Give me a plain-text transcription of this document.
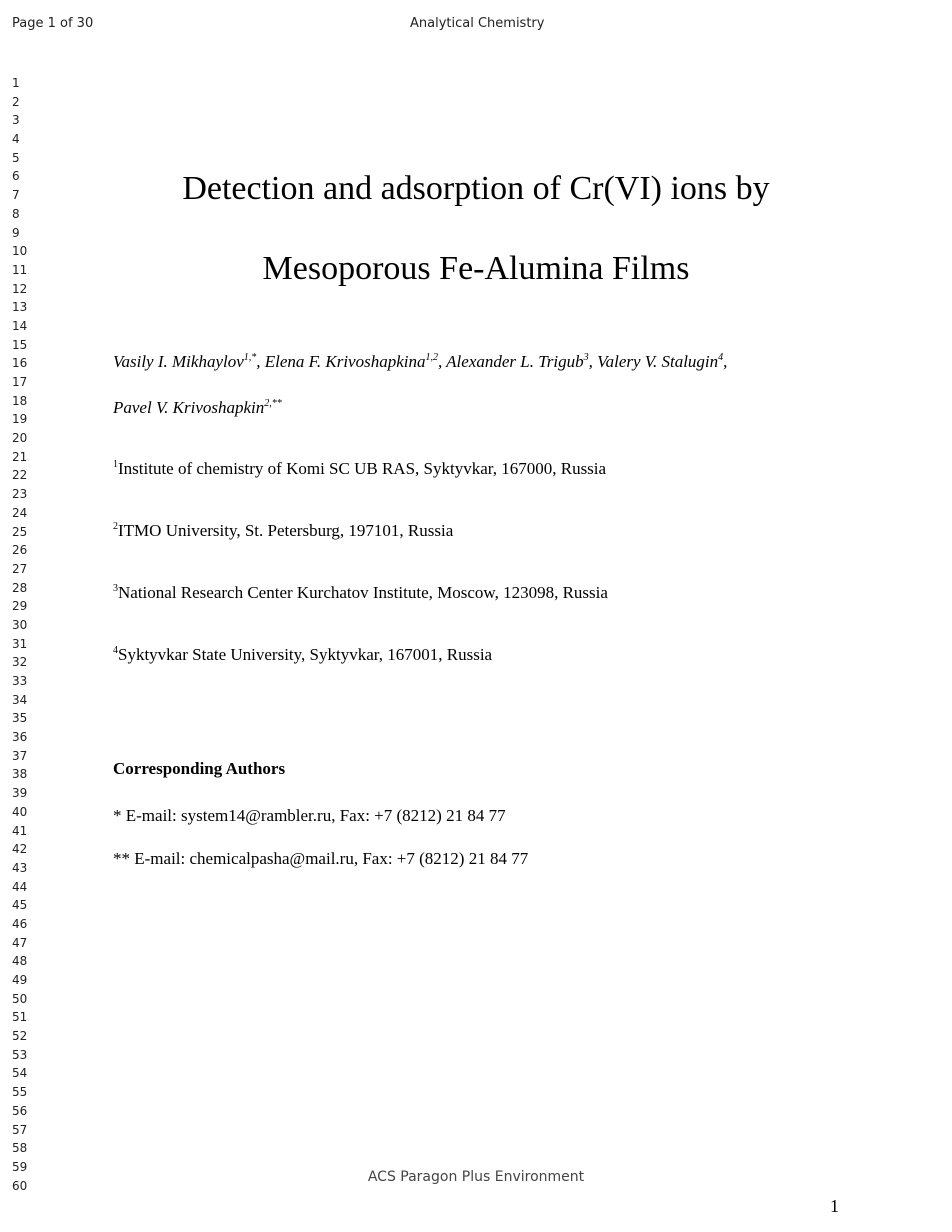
Page 1 of 30	Analytical Chemistry
1
2
3
4
5
6
7
8
9
10
11
12
13
14
15
16
17
18
19
20
21
22
23
24
25
26
27
28
29
30
31
32
33
34
35
36
37
38
39
40
41
42
43
44
45
46
47
48
49
50
51
52
53
54
55
56
57
58
59
60
Detection and adsorption of Cr(VI) ions by
Mesoporous Fe-Alumina Films
Vasily I. Mikhaylov$^{1,*}$, Elena F. Krivoshapkina$^{1,2}$, Alexander L. Trigub$^3$, Valery V. Stalugin$^4$,
Pavel V. Krivoshapkin$^{2,**}$
$^1$Institute of chemistry of Komi SC UB RAS, Syktyvkar, 167000, Russia
$^2$ITMO University, St. Petersburg, 197101, Russia
$^3$National Research Center Kurchatov Institute, Moscow, 123098, Russia
$^4$Syktyvkar State University, Syktyvkar, 167001, Russia
Corresponding Authors
* E-mail: system14@rambler.ru, Fax: +7 (8212) 21 84 77
** E-mail: chemicalpasha@mail.ru, Fax: +7 (8212) 21 84 77
ACS Paragon Plus Environment
1
